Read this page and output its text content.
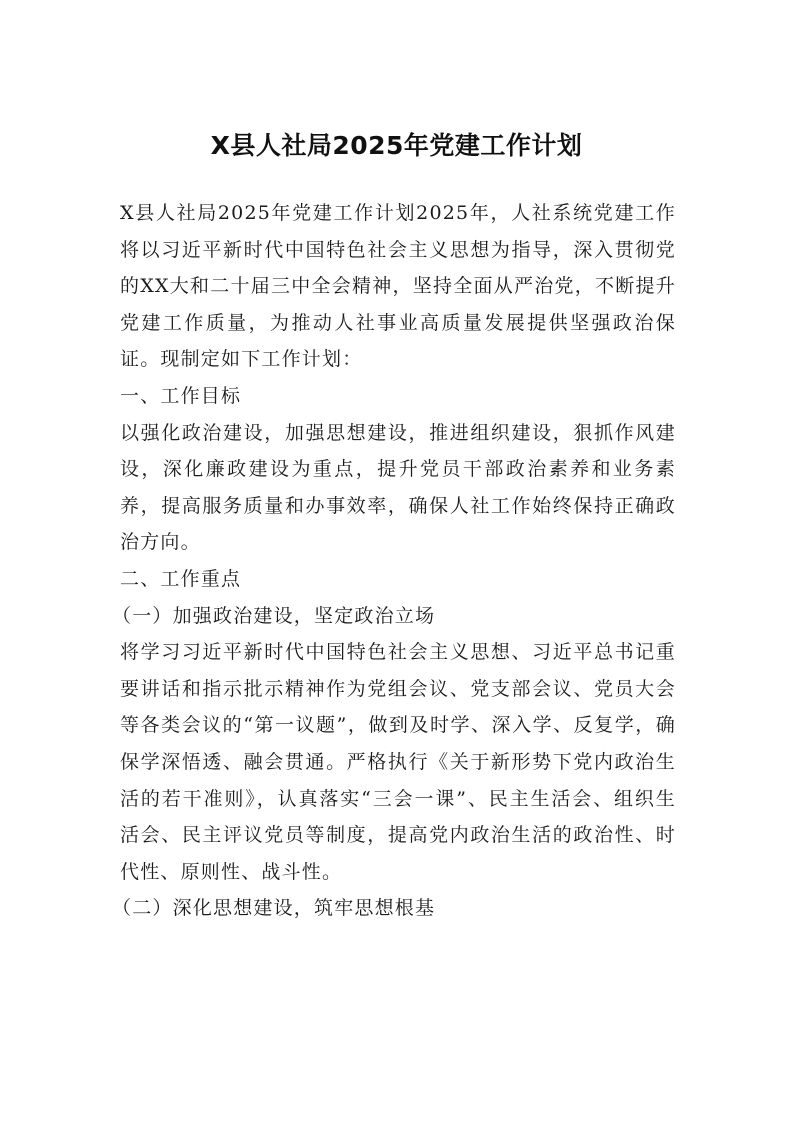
X县人社局2025年党建工作计划

X县人社局2025年党建工作计划2025年，人社系统党建工作将以习近平新时代中国特色社会主义思想为指导，深入贯彻党的XX大和二十届三中全会精神，坚持全面从严治党，不断提升党建工作质量，为推动人社事业高质量发展提供坚强政治保证。现制定如下工作计划：

一、工作目标

以强化政治建设，加强思想建设，推进组织建设，狠抓作风建设，深化廉政建设为重点，提升党员干部政治素养和业务素养，提高服务质量和办事效率，确保人社工作始终保持正确政治方向。

二、工作重点

（一）加强政治建设，坚定政治立场

将学习习近平新时代中国特色社会主义思想、习近平总书记重要讲话和指示批示精神作为党组会议、党支部会议、党员大会等各类会议的“第一议题”，做到及时学、深入学、反复学，确保学深悟透、融会贯通。严格执行《关于新形势下党内政治生活的若干准则》，认真落实“三会一课”、民主生活会、组织生活会、民主评议党员等制度，提高党内政治生活的政治性、时代性、原则性、战斗性。

（二）深化思想建设，筑牢思想根基
